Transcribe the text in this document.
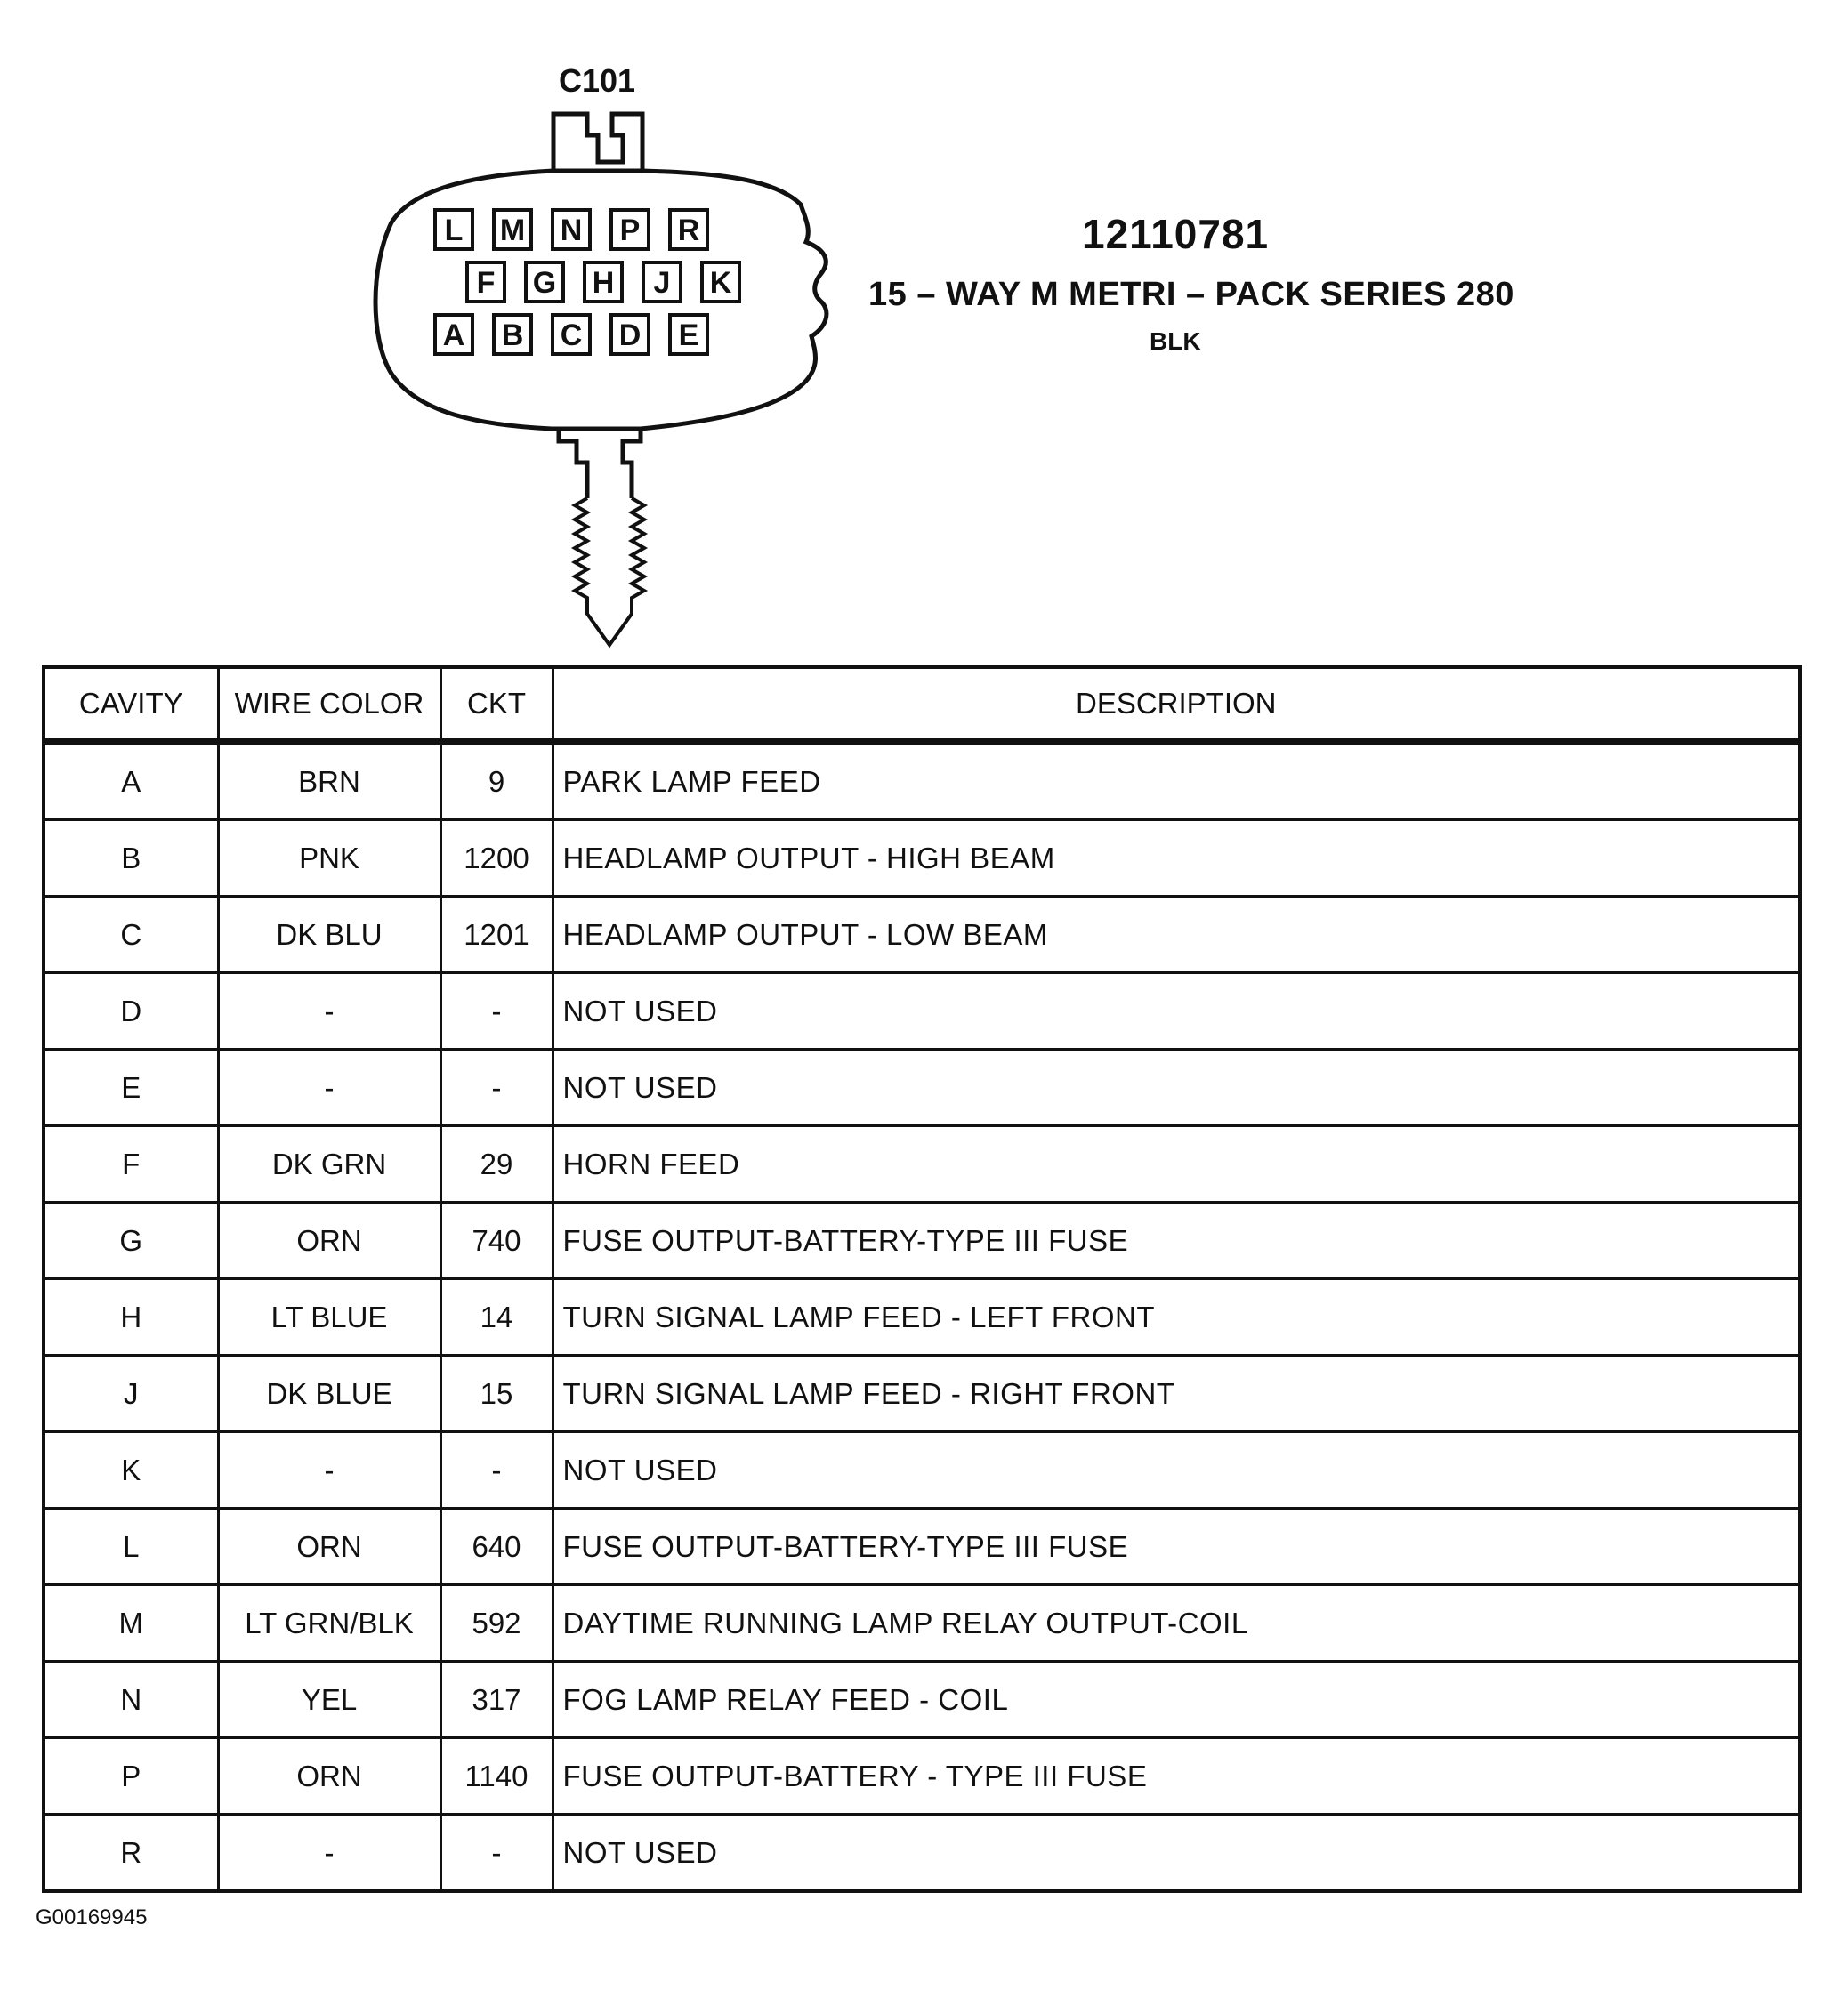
L M N P R
F G H J K
A B C D E
C101
12110781
15 – WAY M METRI – PACK SERIES 280
BLK
CAVITY	WIRE COLOR	CKT	DESCRIPTION
A	BRN	9	PARK LAMP FEED
B	PNK	1200	HEADLAMP OUTPUT - HIGH BEAM
C	DK BLU	1201	HEADLAMP OUTPUT - LOW BEAM
D	-	-	NOT USED
E	-	-	NOT USED
F	DK GRN	29	HORN FEED
G	ORN	740	FUSE OUTPUT-BATTERY-TYPE III FUSE
H	LT BLUE	14	TURN SIGNAL LAMP FEED - LEFT FRONT
J	DK BLUE	15	TURN SIGNAL LAMP FEED - RIGHT FRONT
K	-	-	NOT USED
L	ORN	640	FUSE OUTPUT-BATTERY-TYPE III FUSE
M	LT GRN/BLK	592	DAYTIME RUNNING LAMP RELAY OUTPUT-COIL
N	YEL	317	FOG LAMP RELAY FEED - COIL
P	ORN	1140	FUSE OUTPUT-BATTERY - TYPE III FUSE
R	-	-	NOT USED
G00169945
